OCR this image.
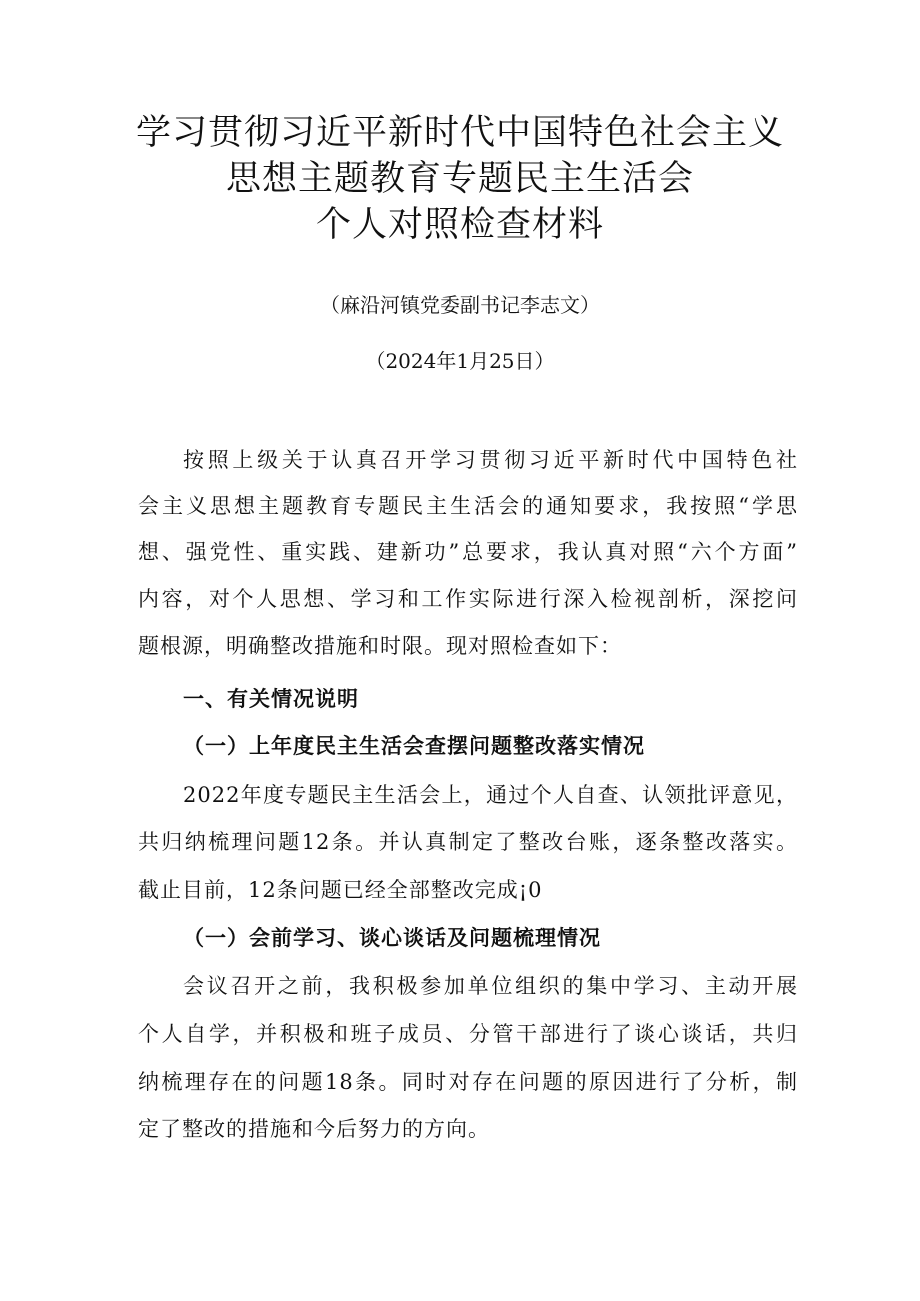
学习贯彻习近平新时代中国特色社会主义
思想主题教育专题民主生活会
个人对照检查材料
（麻沿河镇党委副书记李志文）
（2024年1月25日）
按照上级关于认真召开学习贯彻习近平新时代中国特色社
会主义思想主题教育专题民主生活会的通知要求，我按照“学思
想、强党性、重实践、建新功”总要求，我认真对照“六个方面”
内容，对个人思想、学习和工作实际进行深入检视剖析，深挖问
题根源，明确整改措施和时限。现对照检查如下：
一、有关情况说明
（一）上年度民主生活会查摆问题整改落实情况
2022年度专题民主生活会上，通过个人自查、认领批评意见，
共归纳梳理问题12条。并认真制定了整改台账，逐条整改落实。
截止目前，12条问题已经全部整改完成¡0
（一）会前学习、谈心谈话及问题梳理情况
会议召开之前，我积极参加单位组织的集中学习、主动开展
个人自学，并积极和班子成员、分管干部进行了谈心谈话，共归
纳梳理存在的问题18条。同时对存在问题的原因进行了分析，制
定了整改的措施和今后努力的方向。
